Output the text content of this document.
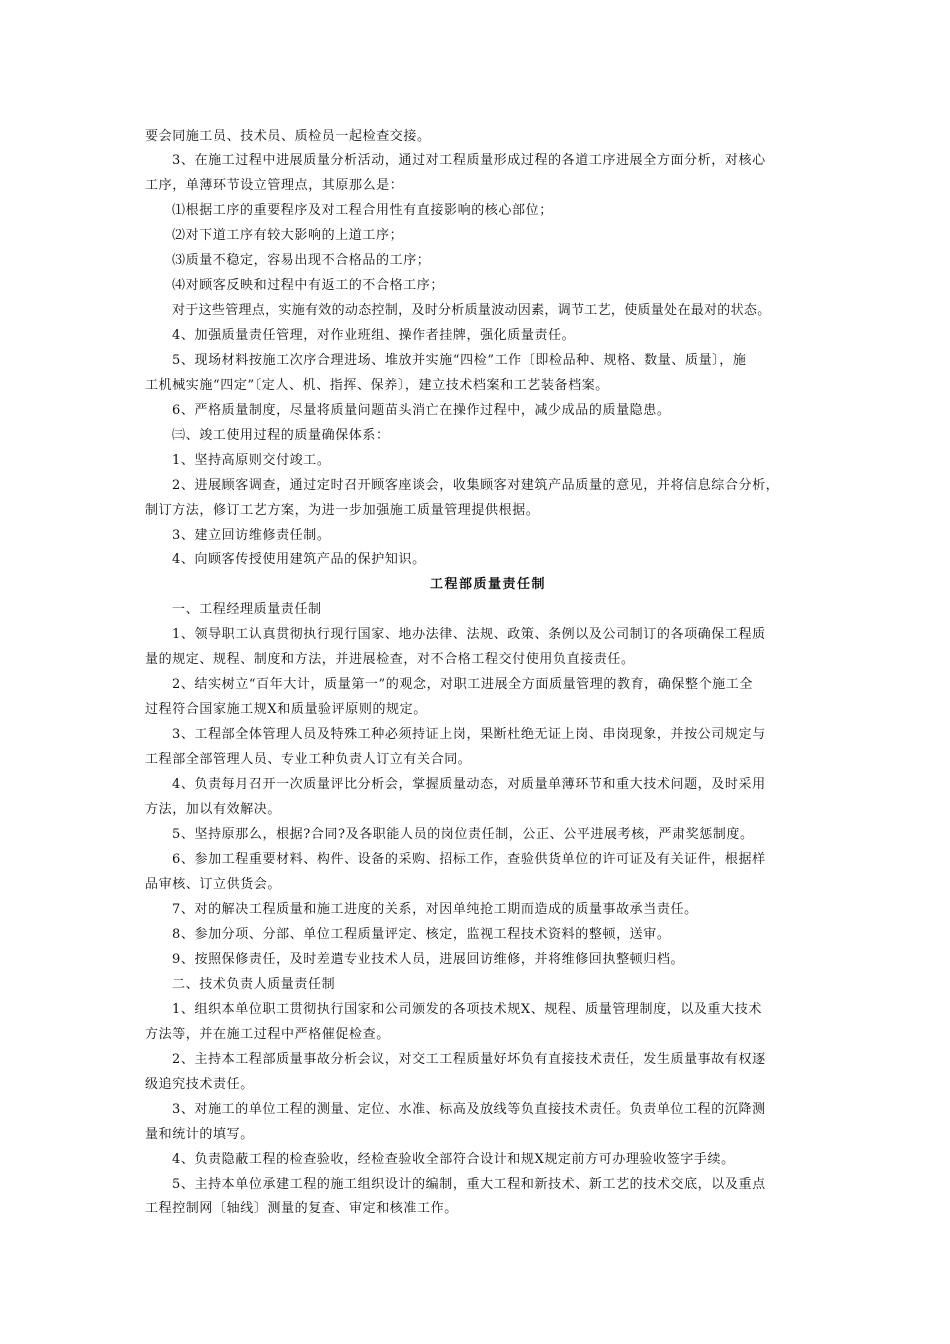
要会同施工员、技术员、质检员一起检查交接。
3、在施工过程中进展质量分析活动，通过对工程质量形成过程的各道工序进展全方面分析，对核心
工序，单薄环节设立管理点，其原那么是：
⑴根据工序的重要程序及对工程合用性有直接影响的核心部位；
⑵对下道工序有较大影响的上道工序；
⑶质量不稳定，容易出现不合格品的工序；
⑷对顾客反映和过程中有返工的不合格工序；
对于这些管理点，实施有效的动态控制，及时分析质量波动因素，调节工艺，使质量处在最对的状态。
4、加强质量责任管理，对作业班组、操作者挂牌，强化质量责任。
5、现场材料按施工次序合理进场、堆放并实施“四检”工作〔即检品种、规格、数量、质量〕，施
工机械实施“四定”〔定人、机、指挥、保养〕，建立技术档案和工艺装备档案。
6、严格质量制度，尽量将质量问题苗头消亡在操作过程中，减少成品的质量隐患。
㈢、竣工使用过程的质量确保体系：
1、坚持高原则交付竣工。
2、进展顾客调查，通过定时召开顾客座谈会，收集顾客对建筑产品质量的意见，并将信息综合分析，
制订方法，修订工艺方案，为进一步加强施工质量管理提供根据。
3、建立回访维修责任制。
4、向顾客传授使用建筑产品的保护知识。
工程部质量责任制
一、工程经理质量责任制
1、领导职工认真贯彻执行现行国家、地办法律、法规、政策、条例以及公司制订的各项确保工程质
量的规定、规程、制度和方法，并进展检查，对不合格工程交付使用负直接责任。
2、结实树立“百年大计，质量第一”的观念，对职工进展全方面质量管理的教育，确保整个施工全
过程符合国家施工规Ⅹ和质量验评原则的规定。
3、工程部全体管理人员及特殊工种必须持证上岗，果断杜绝无证上岗、串岗现象，并按公司规定与
工程部全部管理人员、专业工种负责人订立有关合同。
4、负责每月召开一次质量评比分析会，掌握质量动态，对质量单薄环节和重大技术问题，及时采用
方法，加以有效解决。
5、坚持原那么，根据?合同?及各职能人员的岗位责任制，公正、公平进展考核，严肃奖惩制度。
6、参加工程重要材料、构件、设备的采购、招标工作，查验供货单位的许可证及有关证件，根据样
品审核、订立供货会。
7、对的解决工程质量和施工进度的关系，对因单纯抢工期而造成的质量事故承当责任。
8、参加分项、分部、单位工程质量评定、核定，监视工程技术资料的整顿，送审。
9、按照保修责任，及时差遣专业技术人员，进展回访维修，并将维修回执整顿归档。
二、技术负责人质量责任制
1、组织本单位职工贯彻执行国家和公司颁发的各项技术规Ⅹ、规程、质量管理制度，以及重大技术
方法等，并在施工过程中严格催促检查。
2、主持本工程部质量事故分析会议，对交工工程质量好坏负有直接技术责任，发生质量事故有权逐
级追究技术责任。
3、对施工的单位工程的测量、定位、水准、标高及放线等负直接技术责任。负责单位工程的沉降测
量和统计的填写。
4、负责隐蔽工程的检查验收，经检查验收全部符合设计和规Ⅹ规定前方可办理验收签字手续。
5、主持本单位承建工程的施工组织设计的编制，重大工程和新技术、新工艺的技术交底，以及重点
工程控制网〔轴线〕测量的复查、审定和核准工作。
